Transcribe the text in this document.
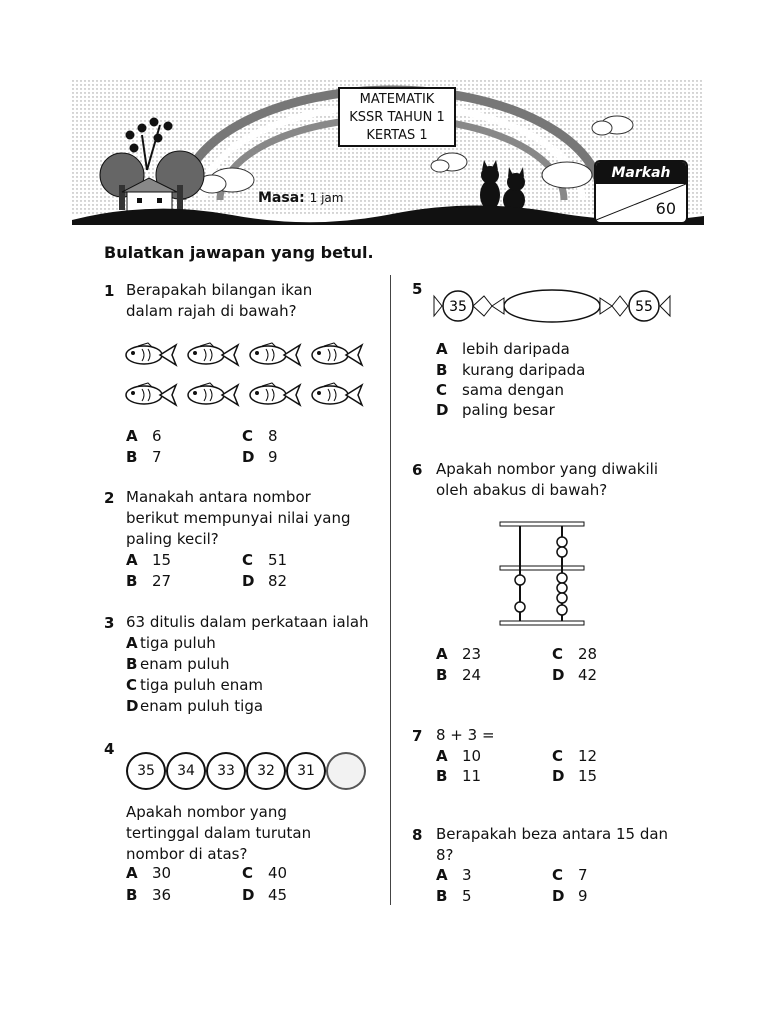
MATEMATIK
KSSR TAHUN 1
KERTAS 1
Masa: 1 jam
Markah
60
Bulatkan jawapan yang betul.
1 Berapakah bilangan ikan
dalam rajah di bawah?
A 6	C 8
B 7	D 9
2 Manakah antara nombor
berikut mempunyai nilai yang
paling kecil?
A 15	C 51
B 27	D 82
3 63 ditulis dalam perkataan ialah
A tiga puluh
B enam puluh
C tiga puluh enam
D enam puluh tiga
4
35	34	33	32	31
Apakah nombor yang
tertinggal dalam turutan
nombor di atas?
A 30	C 40
B 36	D 45
5
35	55
A lebih daripada
B kurang daripada
C sama dengan
D paling besar
6 Apakah nombor yang diwakili
oleh abakus di bawah?
A 23	C 28
B 24	D 42
7 8 + 3 =
A 10	C 12
B 11	D 15
8 Berapakah beza antara 15 dan
8?
A 3	C 7
B 5	D 9
